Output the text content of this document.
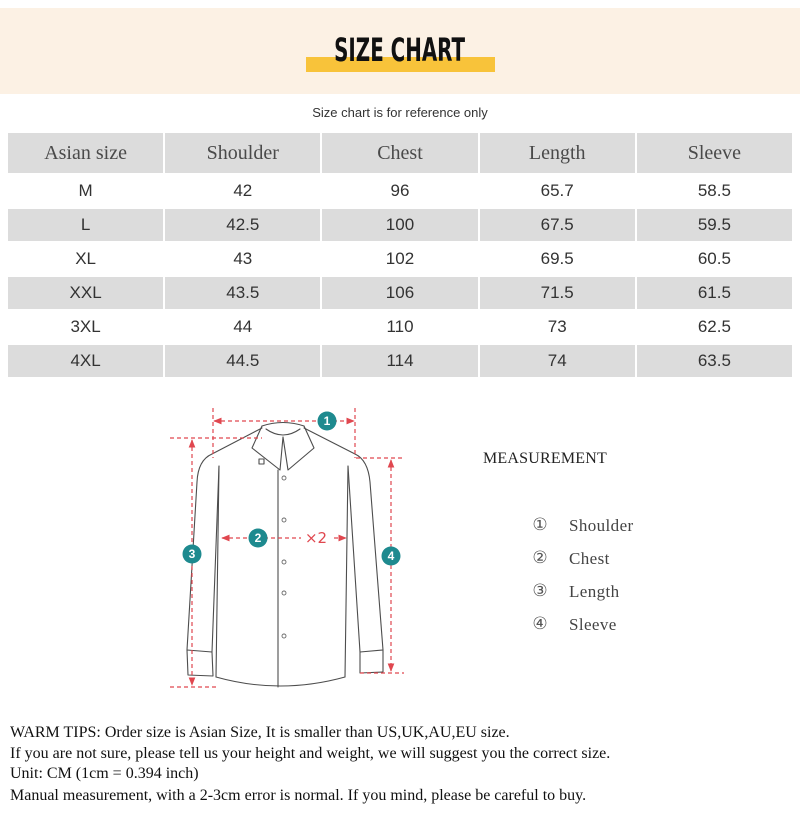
SIZE CHART
Size chart is for reference only
Asian size	Shoulder	Chest	Length	Sleeve
M	42	96	65.7	58.5
L	42.5	100	67.5	59.5
XL	43	102	69.5	60.5
XXL	43.5	106	71.5	61.5
3XL	44	110	73	62.5
4XL	44.5	114	74	63.5
1
×2
2
3	4
MEASUREMENT
① Shoulder
② Chest
③ Length
④ Sleeve
WARM TIPS: Order size is Asian Size, It is smaller than US,UK,AU,EU size.
If you are not sure, please tell us your height and weight, we will suggest you the correct size.
Unit: CM (1cm = 0.394 inch)
Manual measurement, with a 2-3cm error is normal. If you mind, please be careful to buy.
